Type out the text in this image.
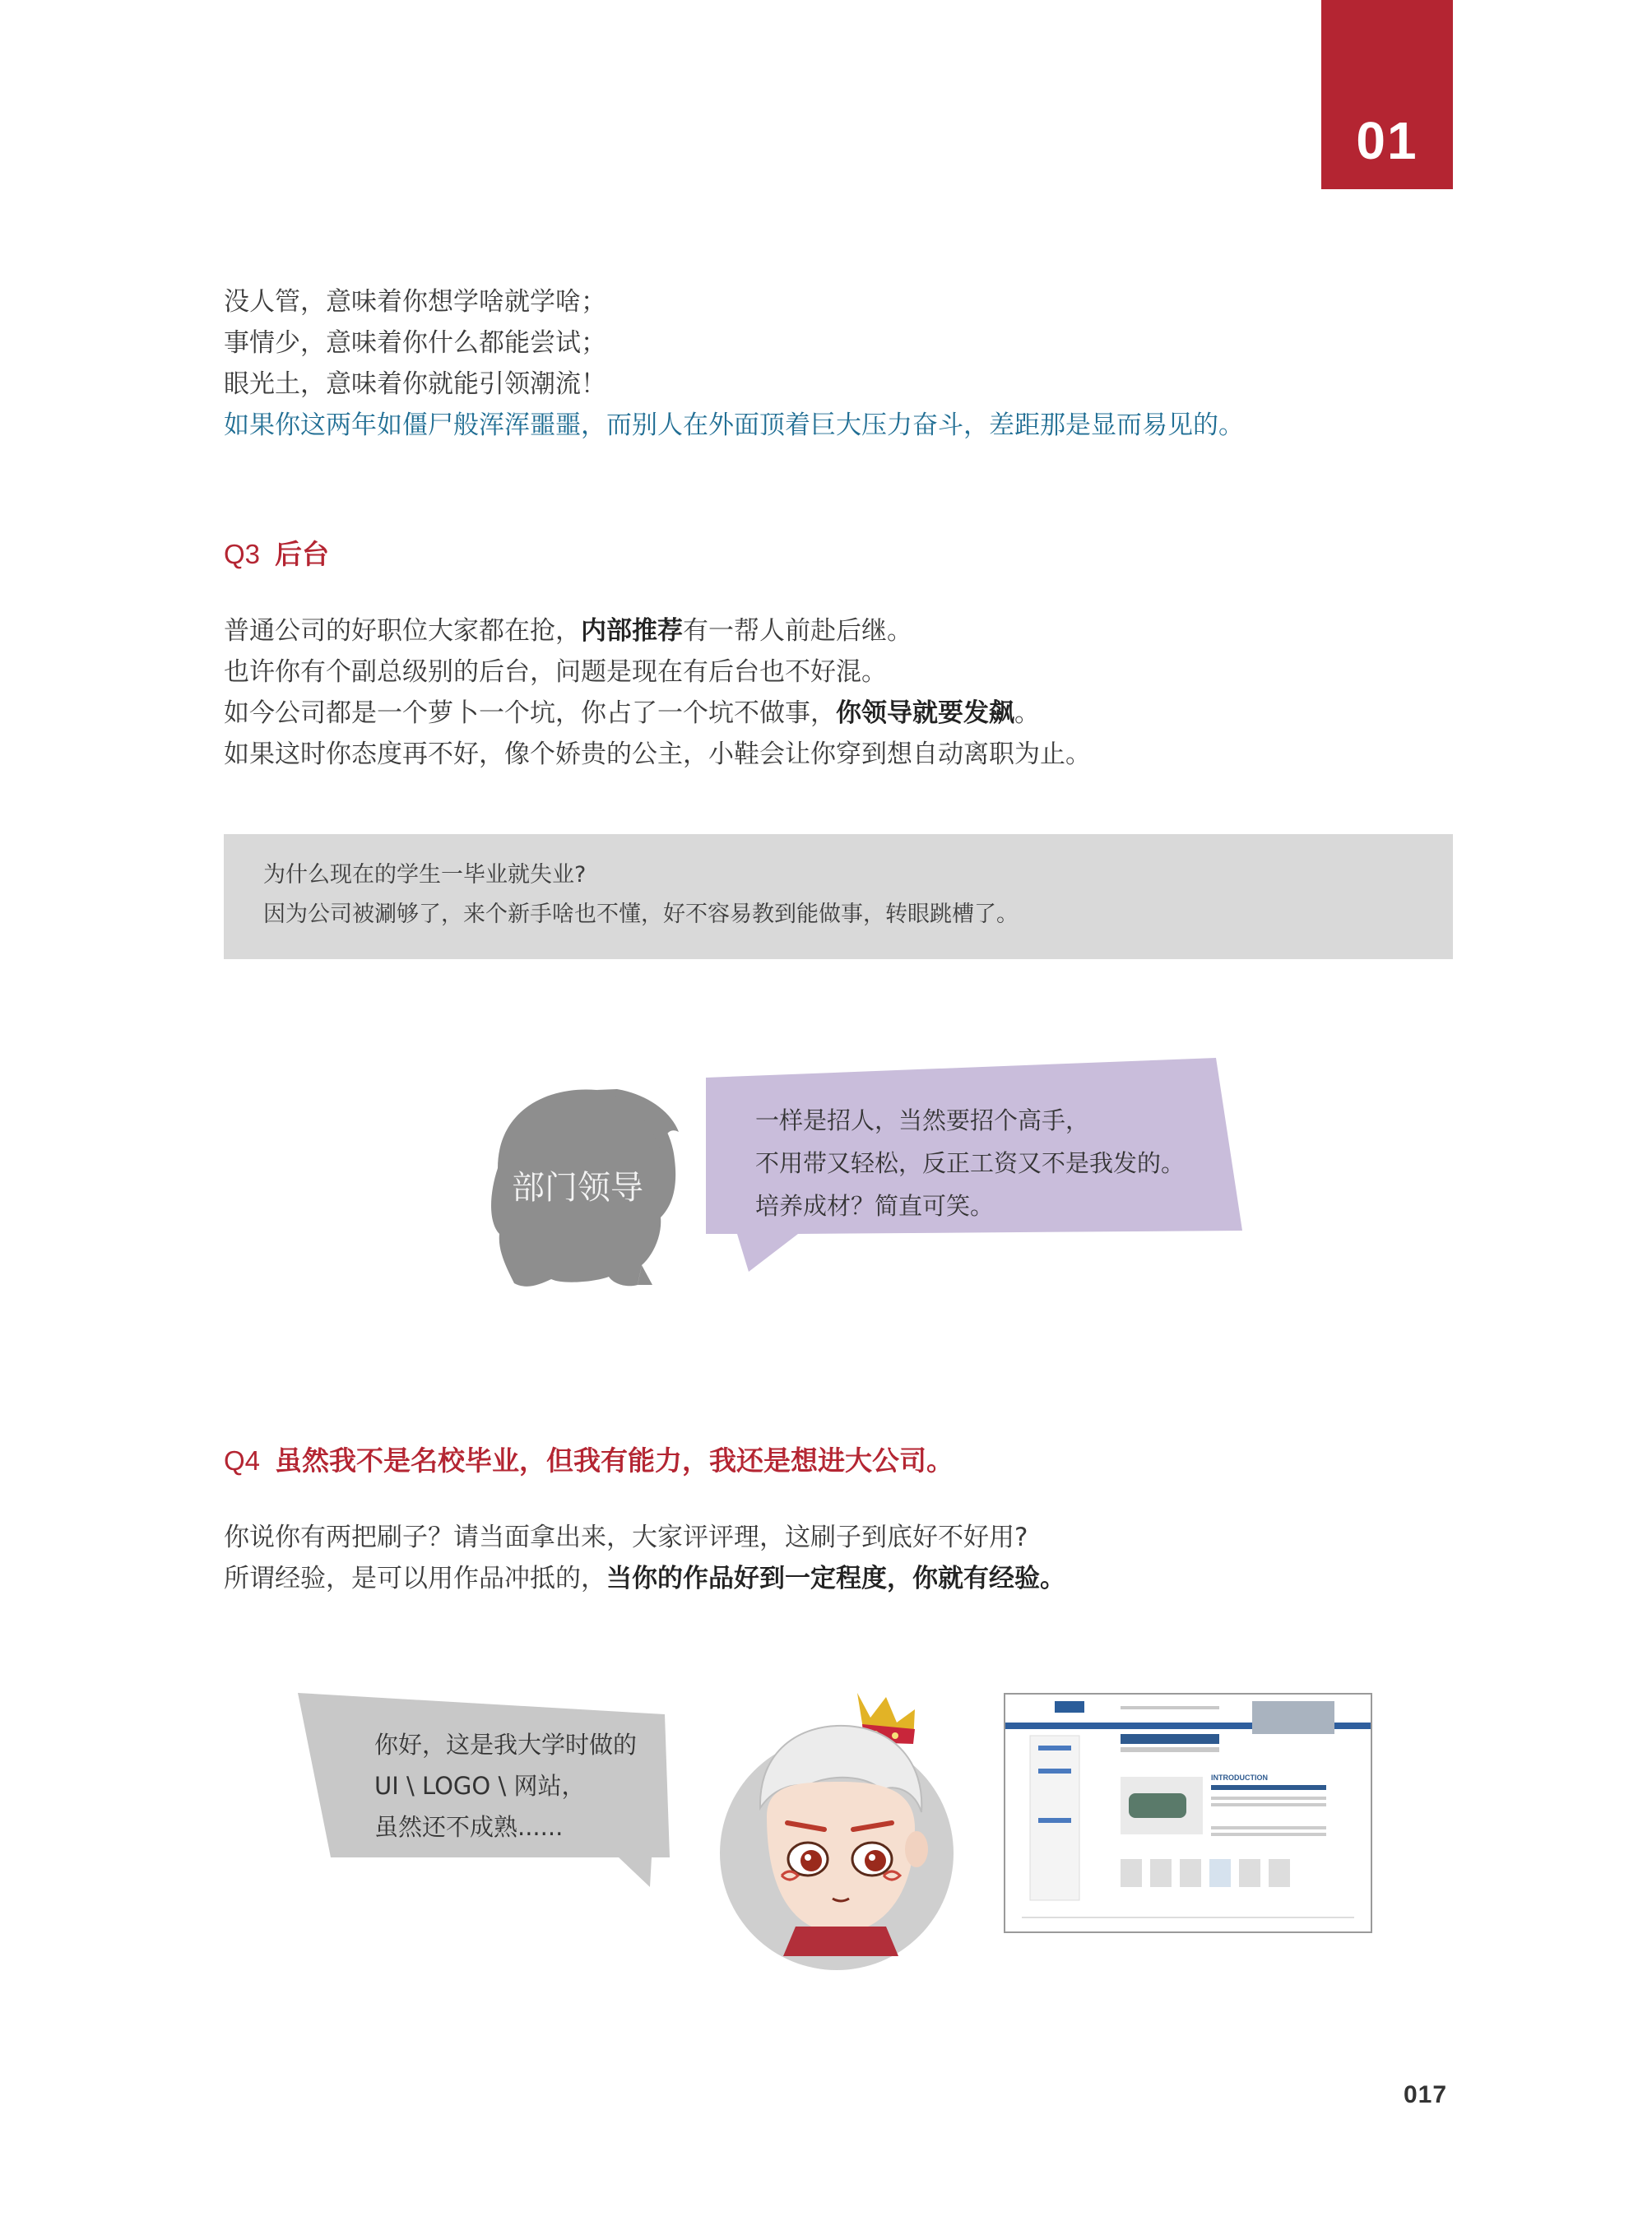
01

没人管，意味着你想学啥就学啥；

事情少，意味着你什么都能尝试；

眼光土，意味着你就能引领潮流！

如果你这两年如僵尸般浑浑噩噩，而别人在外面顶着巨大压力奋斗，差距那是显而易见的。

Q3 后台

普通公司的好职位大家都在抢，内部推荐有一帮人前赴后继。

也许你有个副总级别的后台，问题是现在有后台也不好混。

如今公司都是一个萝卜一个坑，你占了一个坑不做事，你领导就要发飙。

如果这时你态度再不好，像个娇贵的公主，小鞋会让你穿到想自动离职为止。

为什么现在的学生一毕业就失业?

因为公司被涮够了，来个新手啥也不懂，好不容易教到能做事，转眼跳槽了。

部门领导

一样是招人，当然要招个高手，

不用带又轻松，反正工资又不是我发的。

培养成材？简直可笑。

Q4 虽然我不是名校毕业，但我有能力，我还是想进大公司。

你说你有两把刷子？请当面拿出来，大家评评理，这刷子到底好不好用?

所谓经验，是可以用作品冲抵的，当你的作品好到一定程度，你就有经验。

你好，这是我大学时做的

UI \ LOGO \ 网站，

虽然还不成熟......

INTRODUCTION
017
